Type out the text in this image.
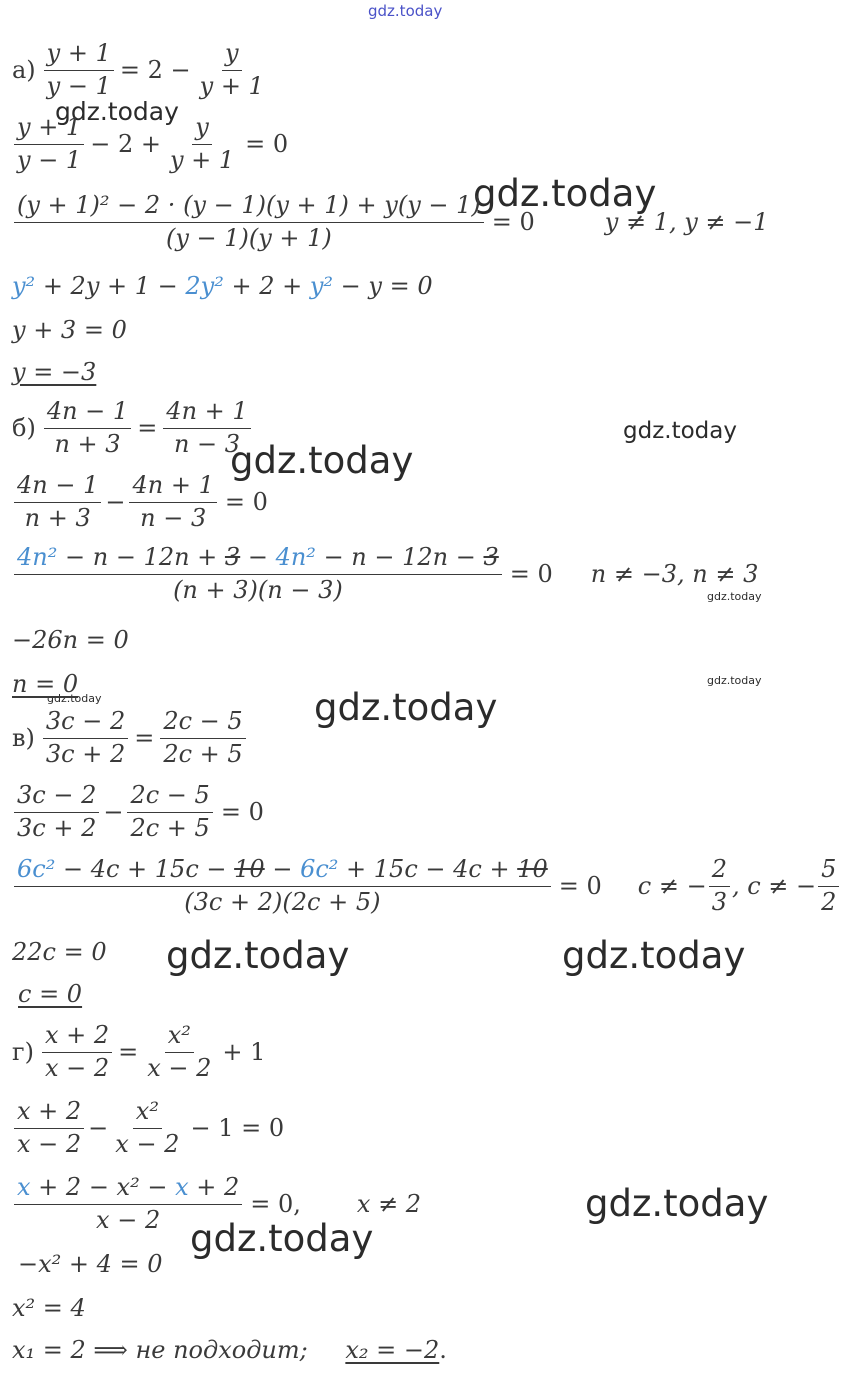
gdz.today
gdz.today
gdz.today
gdz.today
gdz.today
gdz.today
gdz.today
gdz.today	gdz.today
gdz.today	gdz.today
gdz.today
gdz.today
$а) \frac{y + 1}{y - 1} = 2 - \frac{y}{y + 1}$
$\frac{y + 1}{y - 1} - 2 + \frac{y}{y + 1} = 0$
$\frac{\text{(y + 1)² − 2 · (y − 1)(y + 1) + y(y − 1)}}{(y - 1)(y + 1)} = 0$	y ≠ 1, y ≠ −1
y² + 2y + 1 − 2y² + 2 + y² − y = 0
y + 3 = 0
y = −3
$б) \frac{4n - 1}{n + 3} = \frac{4n + 1}{n - 3}$
$\frac{4n - 1}{n + 3} - \frac{4n + 1}{n - 3} = 0$
$\frac{\text{4n² − n − 12n + 3 − 4n² − n − 12n − 3}}{(n + 3)(n - 3)} = 0$ n ≠ −3, n ≠ 3
−26n = 0
n = 0
$в) \frac{3c - 2}{3c + 2} = \frac{2c - 5}{2c + 5}$
$\frac{3c - 2}{3c + 2} - \frac{2c - 5}{2c + 5} = 0$
$\frac{\text{6c² − 4c + 15c − 10 − 6c² + 15c − 4c + 10}}{(3c + 2)(2c + 5)} = 0$ c ≠ − $\frac{2}{3}$ , c ≠ − $\frac{5}{2}$
22c = 0
c = 0
$г) \frac{x + 2}{x - 2} = \frac{\text{x²}}{x - 2} + 1$
$\frac{x + 2}{x - 2} - \frac{\text{x²}}{x - 2} - 1 = 0$
$\frac{\text{x + 2 − x² − x + 2}}{x - 2} = 0$, x ≠ 2
−x² + 4 = 0
x² = 4
x₁ = 2 ⟹ не подходит; x₂ = −2.
